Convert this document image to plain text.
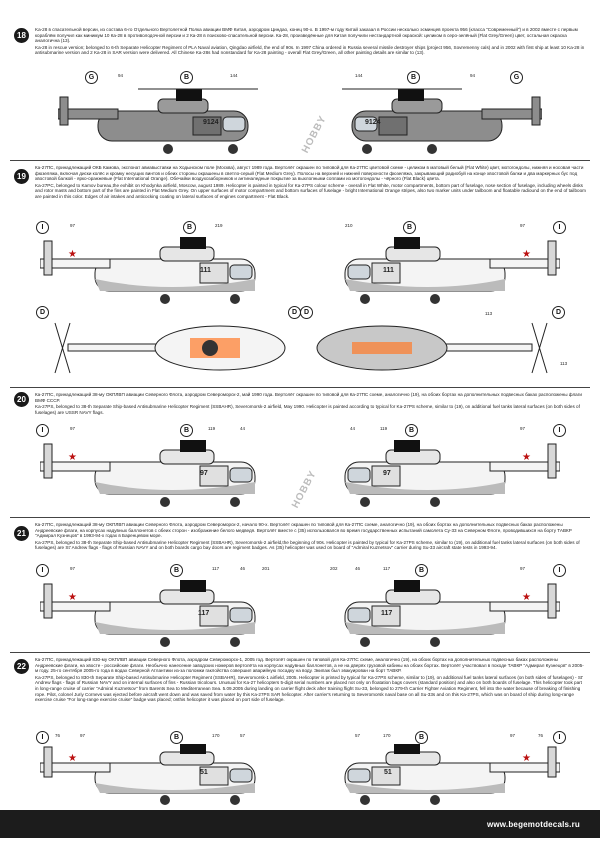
18

Ka-28 в спасательной версии, из состава 6-го Отдельного Вертолетной Полка авиации ВМФ Китая, аэродром Циндао, конец 90-х. В 1997-м году Китай заказал в России несколько эсминцев проекта 956 (класса "Современный") и в 2002 вместе с первым кораблём получил как минимум 10 Ка-28 в противолодочной версии и 2 Ка-28 в поисково-спасательной версии. Ка-28, произведённые для Китая получили нестандартной окраской: целиком в серо-зелёный (Flat Grey/Green) цвет, остальная окраска аналогична (13).

Ka-28 in rescue version; belonged to 6-th Separate Helicopter Regiment of PLA Naval aviation, Qingdao airfield, the end of 90s. In 1997 China ordered in Russia several missile destroyer ships (project 956, Sovremenny cals) and in 2002 with first ship at least 10 Ka-28 in antisubmarine version and 2 Ka-28 in SAR version were delivered. All Chinese Ka-28s had nonstandard for Ka-28 painting - overall Flat Grey/Green, all other painting details are similar to (13).

G	B	G
B
94	144	144	94
9124	9124
19

Ка-27ПС, принадлежащий ОКБ Камова, экспонат авиавыставки на Ходынском поле (Москва), август 1989 года. Вертолёт окрашен по типовой для Ка-27ПС цветовой схеме - целиком в матовый белый (Flat White) цвет, мотогондолы, нижняя и носовая части фюзеляжа, включая диски колёс и кромку несущих винтов и обеих стороны окрашены в светло-серый (Flat Medium Grey). Полосы на верхней и нижней поверхности фюзеляжа, закрывающий радиобуй на конце хвостовой балки и два маркерных бус под хвостовой балкой - ярко-оранжевые (Flat International Orange). Обечайки воздухозаборников и антиналедные покрытие за выхлопными соплами из мотогондолы - чёрного (Flat Black) цвета.

Ka-27PC, belonged to Kamov bureau,the exhibit on Khodynka airfield, Moscow, august 1989. Helicopter is painted in typical for Ka-27PS colour scheme - overall in Flat White, motor compartments, bottom part of fuselage, nose section of fuselage, including wheels disks and rotor masts and bottom part of the fins are painted in Flat Medium Grey. On upper surfaces of motor compartment and bottom surfaces of fuselage - bright International Orange stripes, also two marker units under tailboom and floatable radiound on the end of tailboom are painted in this color. Edges of air intakes and anticocking coating on lateral surfaces of engines compartment - Flat Black.

I	B	B	I
97	219	210	97
★	★
111	111
D	D D	D
113
113
HOBBY
HOBBY
20

Ка-27ПС, принадлежащий 38-му ОКПЛВП авиации Северного Флота, аэродром Североморск-2, май 1990 года. Вертолёт окрашен по типовой для Ка-27ПС схеме, аналогично (19), на обоих бортах на дополнительных подвесных баках расположены флаги ВМФ СССР.

Ka-27PS, belonged to 38-th Separate Ship-based Antisubmarine Helicopter Regiment (SSBAHR), Severomorsk-2 airfield, May 1990. Helicopter is painted according to typical for Ka-27PS scheme, similar to (19), on additional fuel tanks lateral surfaces (on both sides of fuselages) are USSR NAVY flags.

I	B	B	I
97	119	44	44	119	97
★	★
97	97
21

Ка-27ПС, принадлежащий 38-му ОКПЛВП авиации Северного Флота, аэродром Североморск-2, начало 90-х. Вертолёт окрашен по типовой для Ка-27ПС схеме, аналогично (19), на обоих бортах на дополнительных подвесных баках расположены Андреевские флаги, на корпусах надувных баллонетов с обеих сторон - изображение белого медведя. Вертолёт вместе с (35) использовался во время государственных испытаний самолета Су-33 на Северном Флоте, проводившихся на борту ТАВКР "Адмирал Кузнецов" в 1993-94-х годах в Баренцевом море.

Ka-27PS, belonged to 38-th Separate Ship-based Antisubmarine Helicopter Regiment (SSBAHR), Severomorsk-2 airfield,the beginning of 90s. Helicopter is painted by typical for Ka-27PS scheme, similar to (19), on additional fuel tanks lateral surfaces (on both sides of fuselages) are St' Andrew flags - flags of Russian NAVY and on both boards cargo bay doors are regiment badges. As (35) helicopter was used on board of "Admiral Kuznetsov" carrier during Su-33 aircraft state tests in 1993-94.

I	B	B	I
97	117	46	201	202	46	117	97
★	★
117	117
22

Ка-27ПС, принадлежащий 830-му ОКПЛВП авиации Северного Флота, аэродром Североморск-1, 2005 год. Вертолёт окрашен по типовой для Ка-27ПС схеме, аналогично (19), на обоих бортах на дополнительных подвесных баках расположены Андреевские флаги, на хвосте - российские флаги. Необычно нанесение заводских номеров вертолёта на корпусах надувных баллонетов, а не на дверях грузовой кабины на обоих бортах. Вертолёт участвовал в походе ТАВКР "Адмирал Кузнецов" в 2005-м году. 25-го сентября 2005-го года в водах Северной Атлантики из-за поломки гаклойства совершил аварийную посадку на воду. Экипаж был эвакуирован на борт ТАВКР.

Ka-27PS, belonged to 830-th Separate Ship-based Antisubmarine Helicopter Regiment (SSBAHR), Severomorsk-1 airfield, 2005. Helicopter is printed by typical for Ka-27PS scheme, similar to (19), on additional fuel tanks lateral surfaces (on both sides of fuselages) - St' Andrew flags - flags of Russian NAVY and on internal surfaces of fins - Russian tricolours. Unusual for Ka-27 helicopters 5-digit serial numbers are placed not only on floatation bags covers (standard position) and also on both boards of fuselage. This helicopter took part in long-range cruise of carrier "Admiral Kuznetsov" from Barents Sea to Mediterranean Sea. 5.09.2005 during landing on carrier flight deck after training flight Su-33, belonged to 279-th Carrier Fighter Aviation Regiment, fell into the water because of breaking of finishing rope. Pilot, colonel Juriy Cornevs was ejected before aircraft went down and was saved from water by this Ka-27PS SAR helicopter. After carrier's returning to Severomorsk naval base on all Su-33s and on this Ka-27PS, which was on board of ship during long-range exercise cruise "For long-range exercise cruise" badge was placed; onthis helicopter it was placed on port side of fuselage.

I	B	B	I
76	97	170	57	57	170	97	76
★	★
51	51
www.begemotdecals.ru
